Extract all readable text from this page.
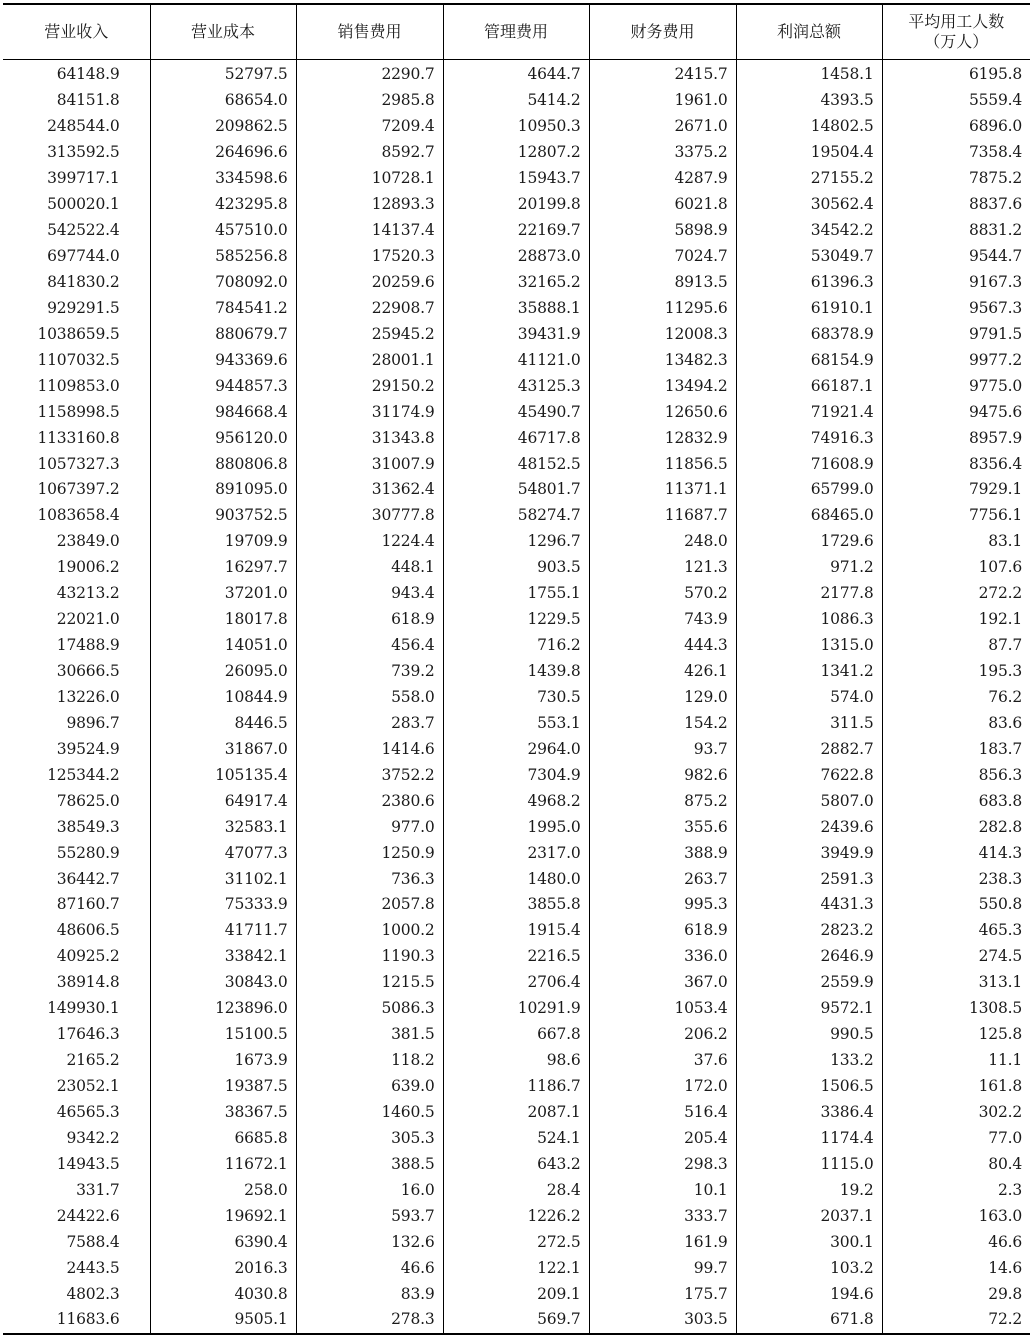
营业收入	营业成本	销售费用	管理费用	财务费用	利润总额	平均用工人数
（万人）
64148.9	52797.5	2290.7	4644.7	2415.7	1458.1	6195.8
84151.8	68654.0	2985.8	5414.2	1961.0	4393.5	5559.4
248544.0	209862.5	7209.4	10950.3	2671.0	14802.5	6896.0
313592.5	264696.6	8592.7	12807.2	3375.2	19504.4	7358.4
399717.1	334598.6	10728.1	15943.7	4287.9	27155.2	7875.2
500020.1	423295.8	12893.3	20199.8	6021.8	30562.4	8837.6
542522.4	457510.0	14137.4	22169.7	5898.9	34542.2	8831.2
697744.0	585256.8	17520.3	28873.0	7024.7	53049.7	9544.7
841830.2	708092.0	20259.6	32165.2	8913.5	61396.3	9167.3
929291.5	784541.2	22908.7	35888.1	11295.6	61910.1	9567.3
1038659.5	880679.7	25945.2	39431.9	12008.3	68378.9	9791.5
1107032.5	943369.6	28001.1	41121.0	13482.3	68154.9	9977.2
1109853.0	944857.3	29150.2	43125.3	13494.2	66187.1	9775.0
1158998.5	984668.4	31174.9	45490.7	12650.6	71921.4	9475.6
1133160.8	956120.0	31343.8	46717.8	12832.9	74916.3	8957.9
1057327.3	880806.8	31007.9	48152.5	11856.5	71608.9	8356.4
1067397.2	891095.0	31362.4	54801.7	11371.1	65799.0	7929.1
1083658.4	903752.5	30777.8	58274.7	11687.7	68465.0	7756.1
23849.0	19709.9	1224.4	1296.7	248.0	1729.6	83.1
19006.2	16297.7	448.1	903.5	121.3	971.2	107.6
43213.2	37201.0	943.4	1755.1	570.2	2177.8	272.2
22021.0	18017.8	618.9	1229.5	743.9	1086.3	192.1
17488.9	14051.0	456.4	716.2	444.3	1315.0	87.7
30666.5	26095.0	739.2	1439.8	426.1	1341.2	195.3
13226.0	10844.9	558.0	730.5	129.0	574.0	76.2
9896.7	8446.5	283.7	553.1	154.2	311.5	83.6
39524.9	31867.0	1414.6	2964.0	93.7	2882.7	183.7
125344.2	105135.4	3752.2	7304.9	982.6	7622.8	856.3
78625.0	64917.4	2380.6	4968.2	875.2	5807.0	683.8
38549.3	32583.1	977.0	1995.0	355.6	2439.6	282.8
55280.9	47077.3	1250.9	2317.0	388.9	3949.9	414.3
36442.7	31102.1	736.3	1480.0	263.7	2591.3	238.3
87160.7	75333.9	2057.8	3855.8	995.3	4431.3	550.8
48606.5	41711.7	1000.2	1915.4	618.9	2823.2	465.3
40925.2	33842.1	1190.3	2216.5	336.0	2646.9	274.5
38914.8	30843.0	1215.5	2706.4	367.0	2559.9	313.1
149930.1	123896.0	5086.3	10291.9	1053.4	9572.1	1308.5
17646.3	15100.5	381.5	667.8	206.2	990.5	125.8
2165.2	1673.9	118.2	98.6	37.6	133.2	11.1
23052.1	19387.5	639.0	1186.7	172.0	1506.5	161.8
46565.3	38367.5	1460.5	2087.1	516.4	3386.4	302.2
9342.2	6685.8	305.3	524.1	205.4	1174.4	77.0
14943.5	11672.1	388.5	643.2	298.3	1115.0	80.4
331.7	258.0	16.0	28.4	10.1	19.2	2.3
24422.6	19692.1	593.7	1226.2	333.7	2037.1	163.0
7588.4	6390.4	132.6	272.5	161.9	300.1	46.6
2443.5	2016.3	46.6	122.1	99.7	103.2	14.6
4802.3	4030.8	83.9	209.1	175.7	194.6	29.8
11683.6	9505.1	278.3	569.7	303.5	671.8	72.2
